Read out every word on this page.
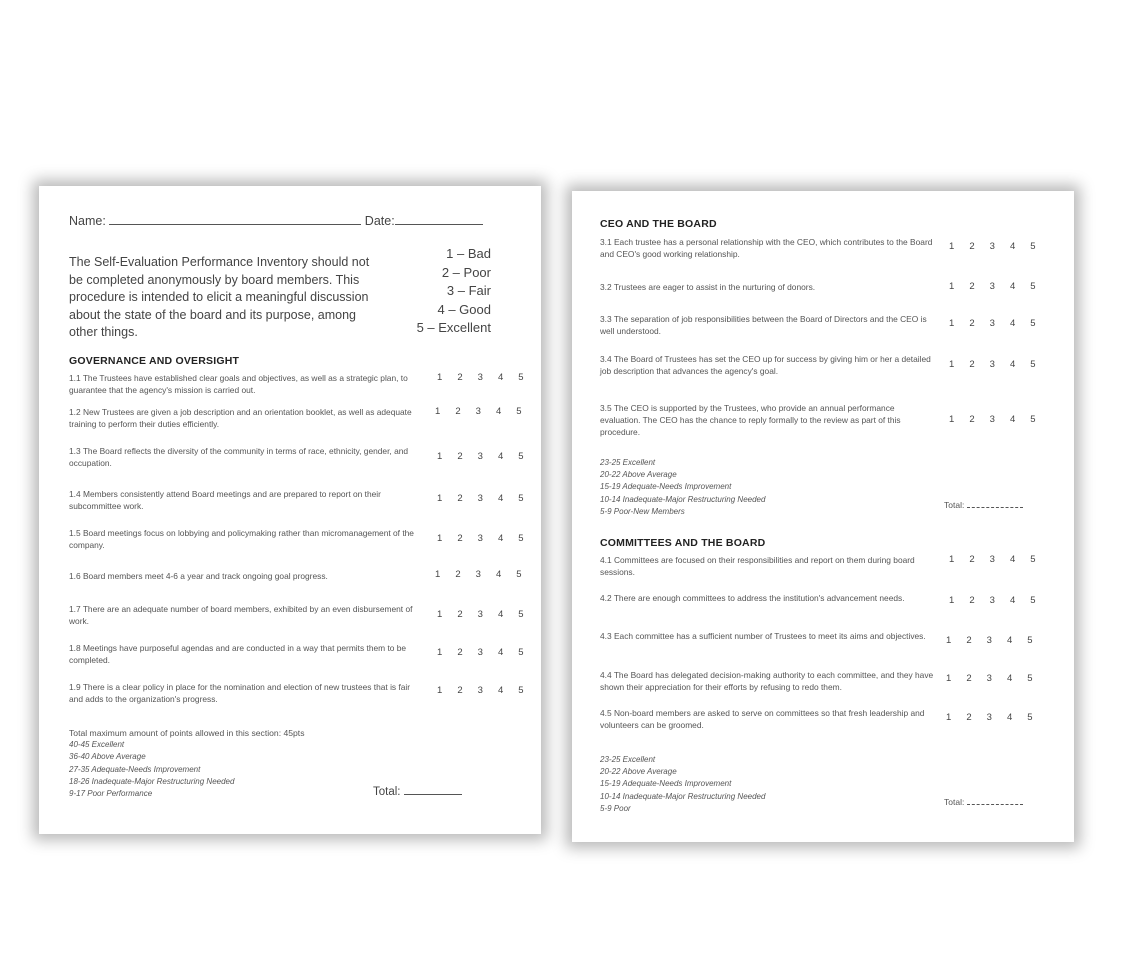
Name:	Date:
The Self-Evaluation Performance Inventory should not be completed anonymously by board members. This procedure is intended to elicit a meaningful discussion about the state of the board and its purpose, among other things.
1 – Bad
2 – Poor
3 – Fair
4 – Good
5 – Excellent
GOVERNANCE AND OVERSIGHT
1.1 The Trustees have established clear goals and objectives, as well as a strategic plan, to guarantee that the agency's mission is carried out.
1 2 3 4 5
1.2 New Trustees are given a job description and an orientation booklet, as well as adequate training to perform their duties efficiently.
1 2 3 4 5
1.3 The Board reflects the diversity of the community in terms of race, ethnicity, gender, and occupation.
1 2 3 4 5
1.4 Members consistently attend Board meetings and are prepared to report on their subcommittee work.
1 2 3 4 5
1.5 Board meetings focus on lobbying and policymaking rather than micromanagement of the company.
1 2 3 4 5
1.6 Board members meet 4-6 a year and track ongoing goal progress.	1 2 3 4 5
1.7 There are an adequate number of board members, exhibited by an even disbursement of work.
1 2 3 4 5
1.8 Meetings have purposeful agendas and are conducted in a way that permits them to be completed.
1 2 3 4 5
1.9 There is a clear policy in place for the nomination and election of new trustees that is fair and adds to the organization's progress.
1 2 3 4 5
Total maximum amount of points allowed in this section: 45pts
40-45 Excellent
36-40 Above Average
27-35 Adequate-Needs Improvement
18-26 Inadequate-Major Restructuring Needed
9-17 Poor Performance	Total:
CEO AND THE BOARD
3.1 Each trustee has a personal relationship with the CEO, which contributes to the Board and CEO's good working relationship.
1 2 3 4 5
3.2 Trustees are eager to assist in the nurturing of donors.	1 2 3 4 5
3.3 The separation of job responsibilities between the Board of Directors and the CEO is well understood.
1 2 3 4 5
3.4 The Board of Trustees has set the CEO up for success by giving him or her a detailed job description that advances the agency's goal.
1 2 3 4 5
3.5 The CEO is supported by the Trustees, who provide an annual performance evaluation. The CEO has the chance to reply formally to the review as part of this procedure.
1 2 3 4 5
23-25 Excellent
20-22 Above Average
15-19 Adequate-Needs Improvement
10-14 Inadequate-Major Restructuring Needed
5-9 Poor-New Members
Total:
COMMITTEES AND THE BOARD
4.1 Committees are focused on their responsibilities and report on them during board sessions.
1 2 3 4 5
4.2 There are enough committees to address the institution's advancement needs.	1 2 3 4 5
4.3 Each committee has a sufficient number of Trustees to meet its aims and objectives.	1 2 3 4 5
4.4 The Board has delegated decision-making authority to each committee, and they have shown their appreciation for their efforts by refusing to redo them.
1 2 3 4 5
4.5 Non-board members are asked to serve on committees so that fresh leadership and volunteers can be groomed.
1 2 3 4 5
23-25 Excellent
20-22 Above Average
15-19 Adequate-Needs Improvement
10-14 Inadequate-Major Restructuring Needed
5-9 Poor
Total:
